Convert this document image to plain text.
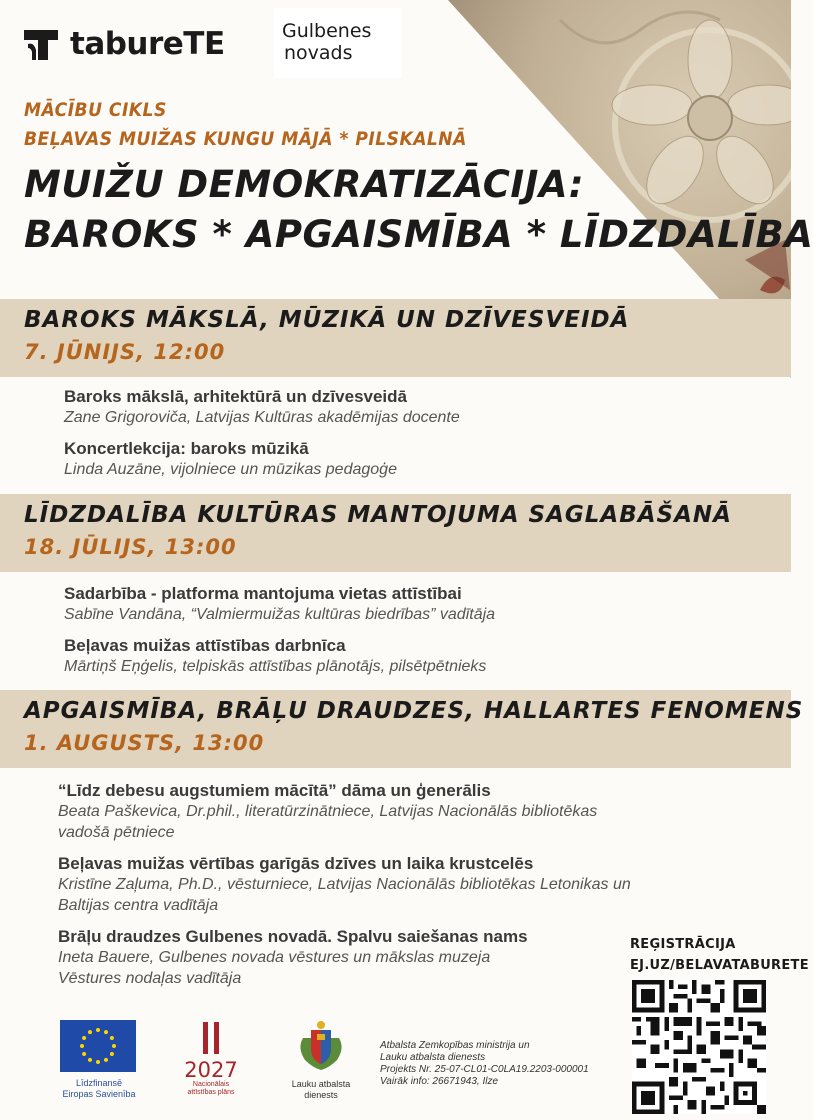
tabureTE	Gulbenes
novads
MĀCĪBU CIKLS
BEĻAVAS MUIŽAS KUNGU MĀJĀ * PILSKALNĀ
MUIŽU DEMOKRATIZĀCIJA:
BAROKS * APGAISMĪBA * LĪDZDALĪBA
BAROKS MĀKSLĀ, MŪZIKĀ UN DZĪVESVEIDĀ
7. JŪNIJS, 12:00
Baroks mākslā, arhitektūrā un dzīvesveidā
Zane Grigoroviča, Latvijas Kultūras akadēmijas docente
Koncertlekcija: baroks mūzikā
Linda Auzāne, vijolniece un mūzikas pedagoģe
LĪDZDALĪBA KULTŪRAS MANTOJUMA SAGLABĀŠANĀ
18. JŪLIJS, 13:00
Sadarbība - platforma mantojuma vietas attīstībai
Sabīne Vandāna, “Valmiermuižas kultūras biedrības” vadītāja
Beļavas muižas attīstības darbnīca
Mārtiņš Eņģelis, telpiskās attīstības plānotājs, pilsētpētnieks
APGAISMĪBA, BRĀĻU DRAUDZES, HALLARTES FENOMENS
1. AUGUSTS, 13:00
“Līdz debesu augstumiem mācītā” dāma un ģenerālis
Beata Paškevica, Dr.phil., literatūrzinātniece, Latvijas Nacionālās bibliotēkas
vadošā pētniece
Beļavas muižas vērtības garīgās dzīves un laika krustcelēs
Kristīne Zaļuma, Ph.D., vēsturniece, Latvijas Nacionālās bibliotēkas Letonikas un
Baltijas centra vadītāja
Brāļu draudzes Gulbenes novadā. Spalvu saiešanas nams
Ineta Bauere, Gulbenes novada vēstures un mākslas muzeja
Vēstures nodaļas vadītāja
REĢISTRĀCIJA
EJ.UZ/BELAVATABURETE
Līdzfinansē
Eiropas Savienība
2027
Nacionālais
attīstības plāns
Lauku atbalsta
dienests
Atbalsta Zemkopības ministrija un
Lauku atbalsta dienests
Projekts Nr. 25-07-CL01-C0LA19.2203-000001
Vairāk info: 26671943, Ilze
